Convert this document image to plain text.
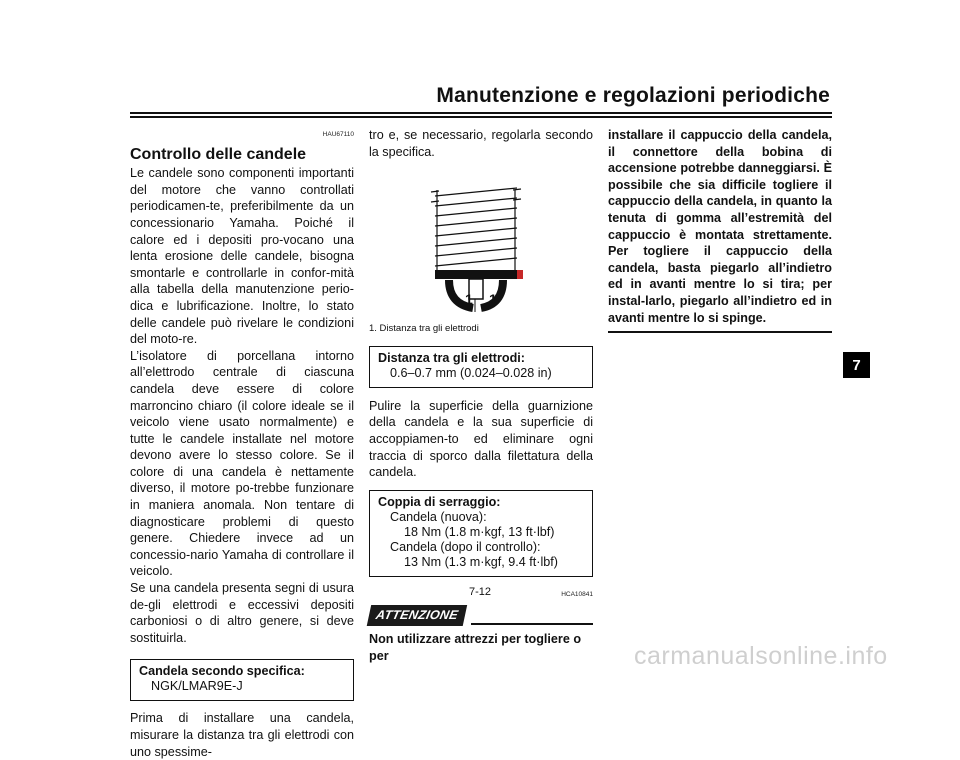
Manutenzione e regolazioni periodiche
7
HAU67110
Controllo delle candele

Le candele sono componenti importanti del motore che vanno controllati periodicamen-te, preferibilmente da un concessionario Yamaha. Poiché il calore ed i depositi pro-vocano una lenta erosione delle candele, bisogna smontarle e controllarle in confor-mità alla tabella della manutenzione perio-dica e lubrificazione. Inoltre, lo stato delle candele può rivelare le condizioni del moto-re.

L’isolatore di porcellana intorno all’elettrodo centrale di ciascuna candela deve essere di colore marroncino chiaro (il colore ideale se il veicolo viene usato normalmente) e tutte le candele installate nel motore devono avere lo stesso colore. Se il colore di una candela è nettamente diverso, il motore po-trebbe funzionare in maniera anomala. Non tentare di diagnosticare problemi di questo genere. Chiedere invece ad un concessio-nario Yamaha di controllare il veicolo.

Se una candela presenta segni di usura de-gli elettrodi e eccessivi depositi carboniosi o di altro genere, si deve sostituirla.

Candela secondo specifica:
NGK/LMAR9E-J

Prima di installare una candela, misurare la distanza tra gli elettrodi con uno spessime-

tro e, se necessario, regolarla secondo la specifica.

1 1
1. Distanza tra gli elettrodi
Distanza tra gli elettrodi:
0.6–0.7 mm (0.024–0.028 in)

Pulire la superficie della guarnizione della candela e la sua superficie di accoppiamen-to ed eliminare ogni traccia di sporco dalla filettatura della candela.

Coppia di serraggio:
Candela (nuova):
18 Nm (1.8 m·kgf, 13 ft·lbf)
Candela (dopo il controllo):
13 Nm (1.3 m·kgf, 9.4 ft·lbf)
HCA10841
ATTENZIONE

Non utilizzare attrezzi per togliere o per

installare il cappuccio della candela, il connettore della bobina di accensione potrebbe danneggiarsi. È possibile che sia difficile togliere il cappuccio della candela, in quanto la tenuta di gomma all’estremità del cappuccio è montata strettamente. Per togliere il cappuccio della candela, basta piegarlo all’indietro ed in avanti mentre lo si tira; per instal-larlo, piegarlo all’indietro ed in avanti mentre lo si spinge.

7-12
carmanualsonline.info
